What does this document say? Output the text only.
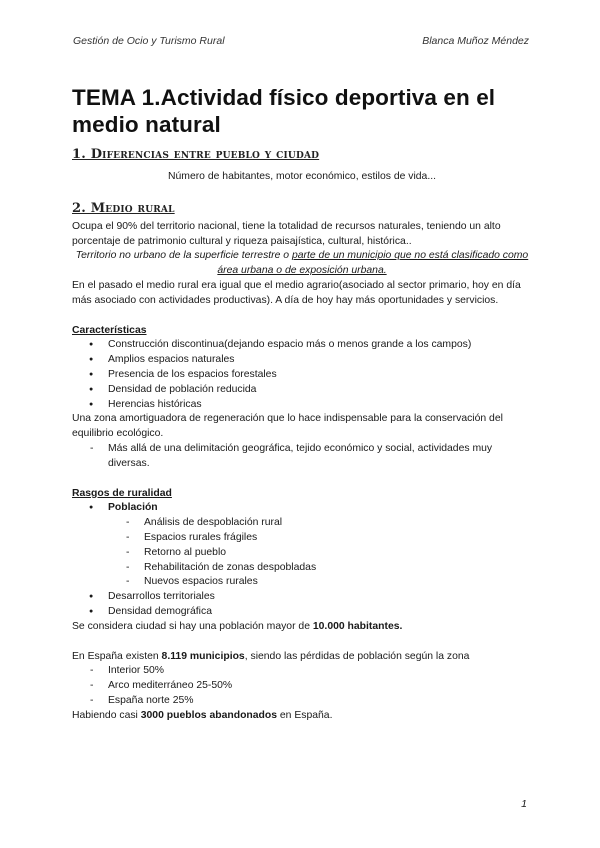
Gestión de Ocio y Turismo Rural	Blanca Muñoz Méndez
TEMA 1.Actividad físico deportiva en el medio natural
1. Diferencias entre pueblo y ciudad

Número de habitantes, motor económico, estilos de vida...

2. Medio rural

Ocupa el 90% del territorio nacional, tiene la totalidad de recursos naturales, teniendo un alto porcentaje de patrimonio cultural y riqueza paisajística, cultural, histórica..

Territorio no urbano de la superficie terrestre o parte de un municipio que no está clasificado como área urbana o de exposición urbana.

En el pasado el medio rural era igual que el medio agrario(asociado al sector primario, hoy en día más asociado con actividades productivas). A día de hoy hay más oportunidades y servicios.

Características

● Construcción discontinua(dejando espacio más o menos grande a los campos)
● Amplios espacios naturales
● Presencia de los espacios forestales
● Densidad de población reducida
● Herencias históricas

Una zona amortiguadora de regeneración que lo hace indispensable para la conservación del equilibrio ecológico.

- Más allá de una delimitación geográfica, tejido económico y social, actividades muy diversas.

Rasgos de ruralidad

● Población
- Análisis de despoblación rural
- Espacios rurales frágiles
- Retorno al pueblo
- Rehabilitación de zonas despobladas
- Nuevos espacios rurales
● Desarrollos territoriales
● Densidad demográfica

Se considera ciudad si hay una población mayor de 10.000 habitantes.

En España existen 8.119 municipios, siendo las pérdidas de población según la zona

- Interior 50%
- Arco mediterráneo 25-50%
- España norte 25%

Habiendo casi 3000 pueblos abandonados en España.

1
